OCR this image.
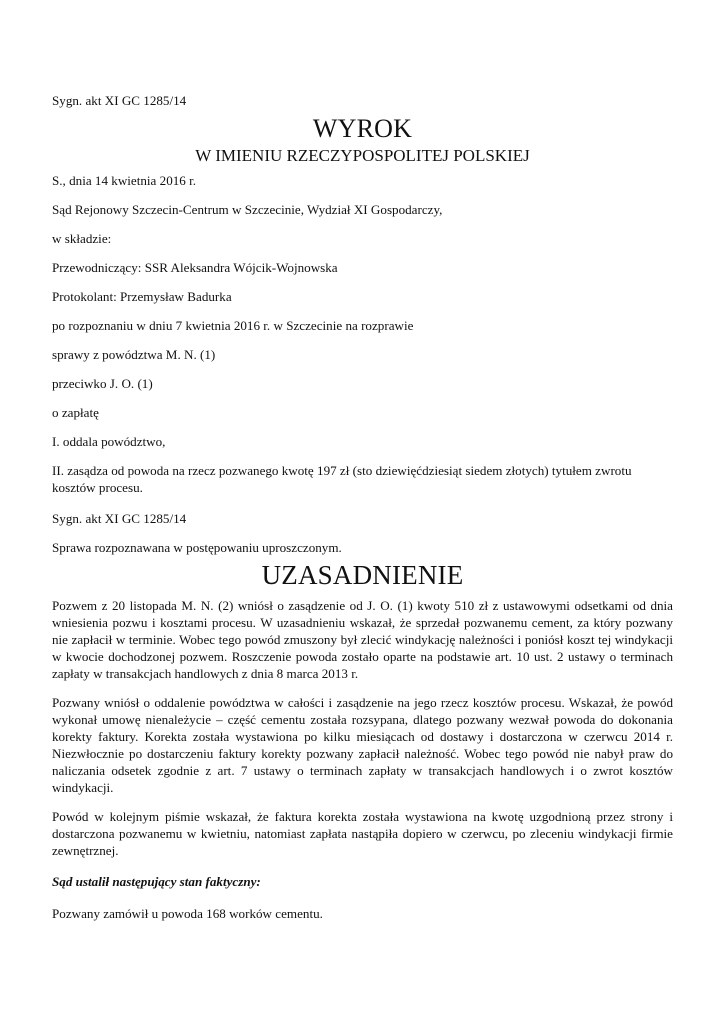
Sygn. akt XI GC 1285/14
WYROK
W IMIENIU RZECZYPOSPOLITEJ POLSKIEJ
S., dnia 14 kwietnia 2016 r.
Sąd Rejonowy Szczecin-Centrum w Szczecinie, Wydział XI Gospodarczy,
w składzie:
Przewodniczący: SSR Aleksandra Wójcik-Wojnowska
Protokolant: Przemysław Badurka
po rozpoznaniu w dniu 7 kwietnia 2016 r. w Szczecinie na rozprawie
sprawy z powództwa M. N. (1)
przeciwko J. O. (1)
o zapłatę
I. oddala powództwo,
II. zasądza od powoda na rzecz pozwanego kwotę 197 zł (sto dziewięćdziesiąt siedem złotych) tytułem zwrotu kosztów procesu.
Sygn. akt XI GC 1285/14
Sprawa rozpoznawana w postępowaniu uproszczonym.
UZASADNIENIE
Pozwem z 20 listopada M. N. (2) wniósł o zasądzenie od J. O. (1) kwoty 510 zł z ustawowymi odsetkami od dnia wniesienia pozwu i kosztami procesu. W uzasadnieniu wskazał, że sprzedał pozwanemu cement, za który pozwany nie zapłacił w terminie. Wobec tego powód zmuszony był zlecić windykację należności i poniósł koszt tej windykacji w kwocie dochodzonej pozwem. Roszczenie powoda zostało oparte na podstawie art. 10 ust. 2 ustawy o terminach zapłaty w transakcjach handlowych z dnia 8 marca 2013 r.
Pozwany wniósł o oddalenie powództwa w całości i zasądzenie na jego rzecz kosztów procesu. Wskazał, że powód wykonał umowę nienależycie – część cementu została rozsypana, dlatego pozwany wezwał powoda do dokonania korekty faktury. Korekta została wystawiona po kilku miesiącach od dostawy i dostarczona w czerwcu 2014 r. Niezwłocznie po dostarczeniu faktury korekty pozwany zapłacił należność. Wobec tego powód nie nabył praw do naliczania odsetek zgodnie z art. 7 ustawy o terminach zapłaty w transakcjach handlowych i o zwrot kosztów windykacji.
Powód w kolejnym piśmie wskazał, że faktura korekta została wystawiona na kwotę uzgodnioną przez strony i dostarczona pozwanemu w kwietniu, natomiast zapłata nastąpiła dopiero w czerwcu, po zleceniu windykacji firmie zewnętrznej.
Sąd ustalił następujący stan faktyczny:
Pozwany zamówił u powoda 168 worków cementu.
